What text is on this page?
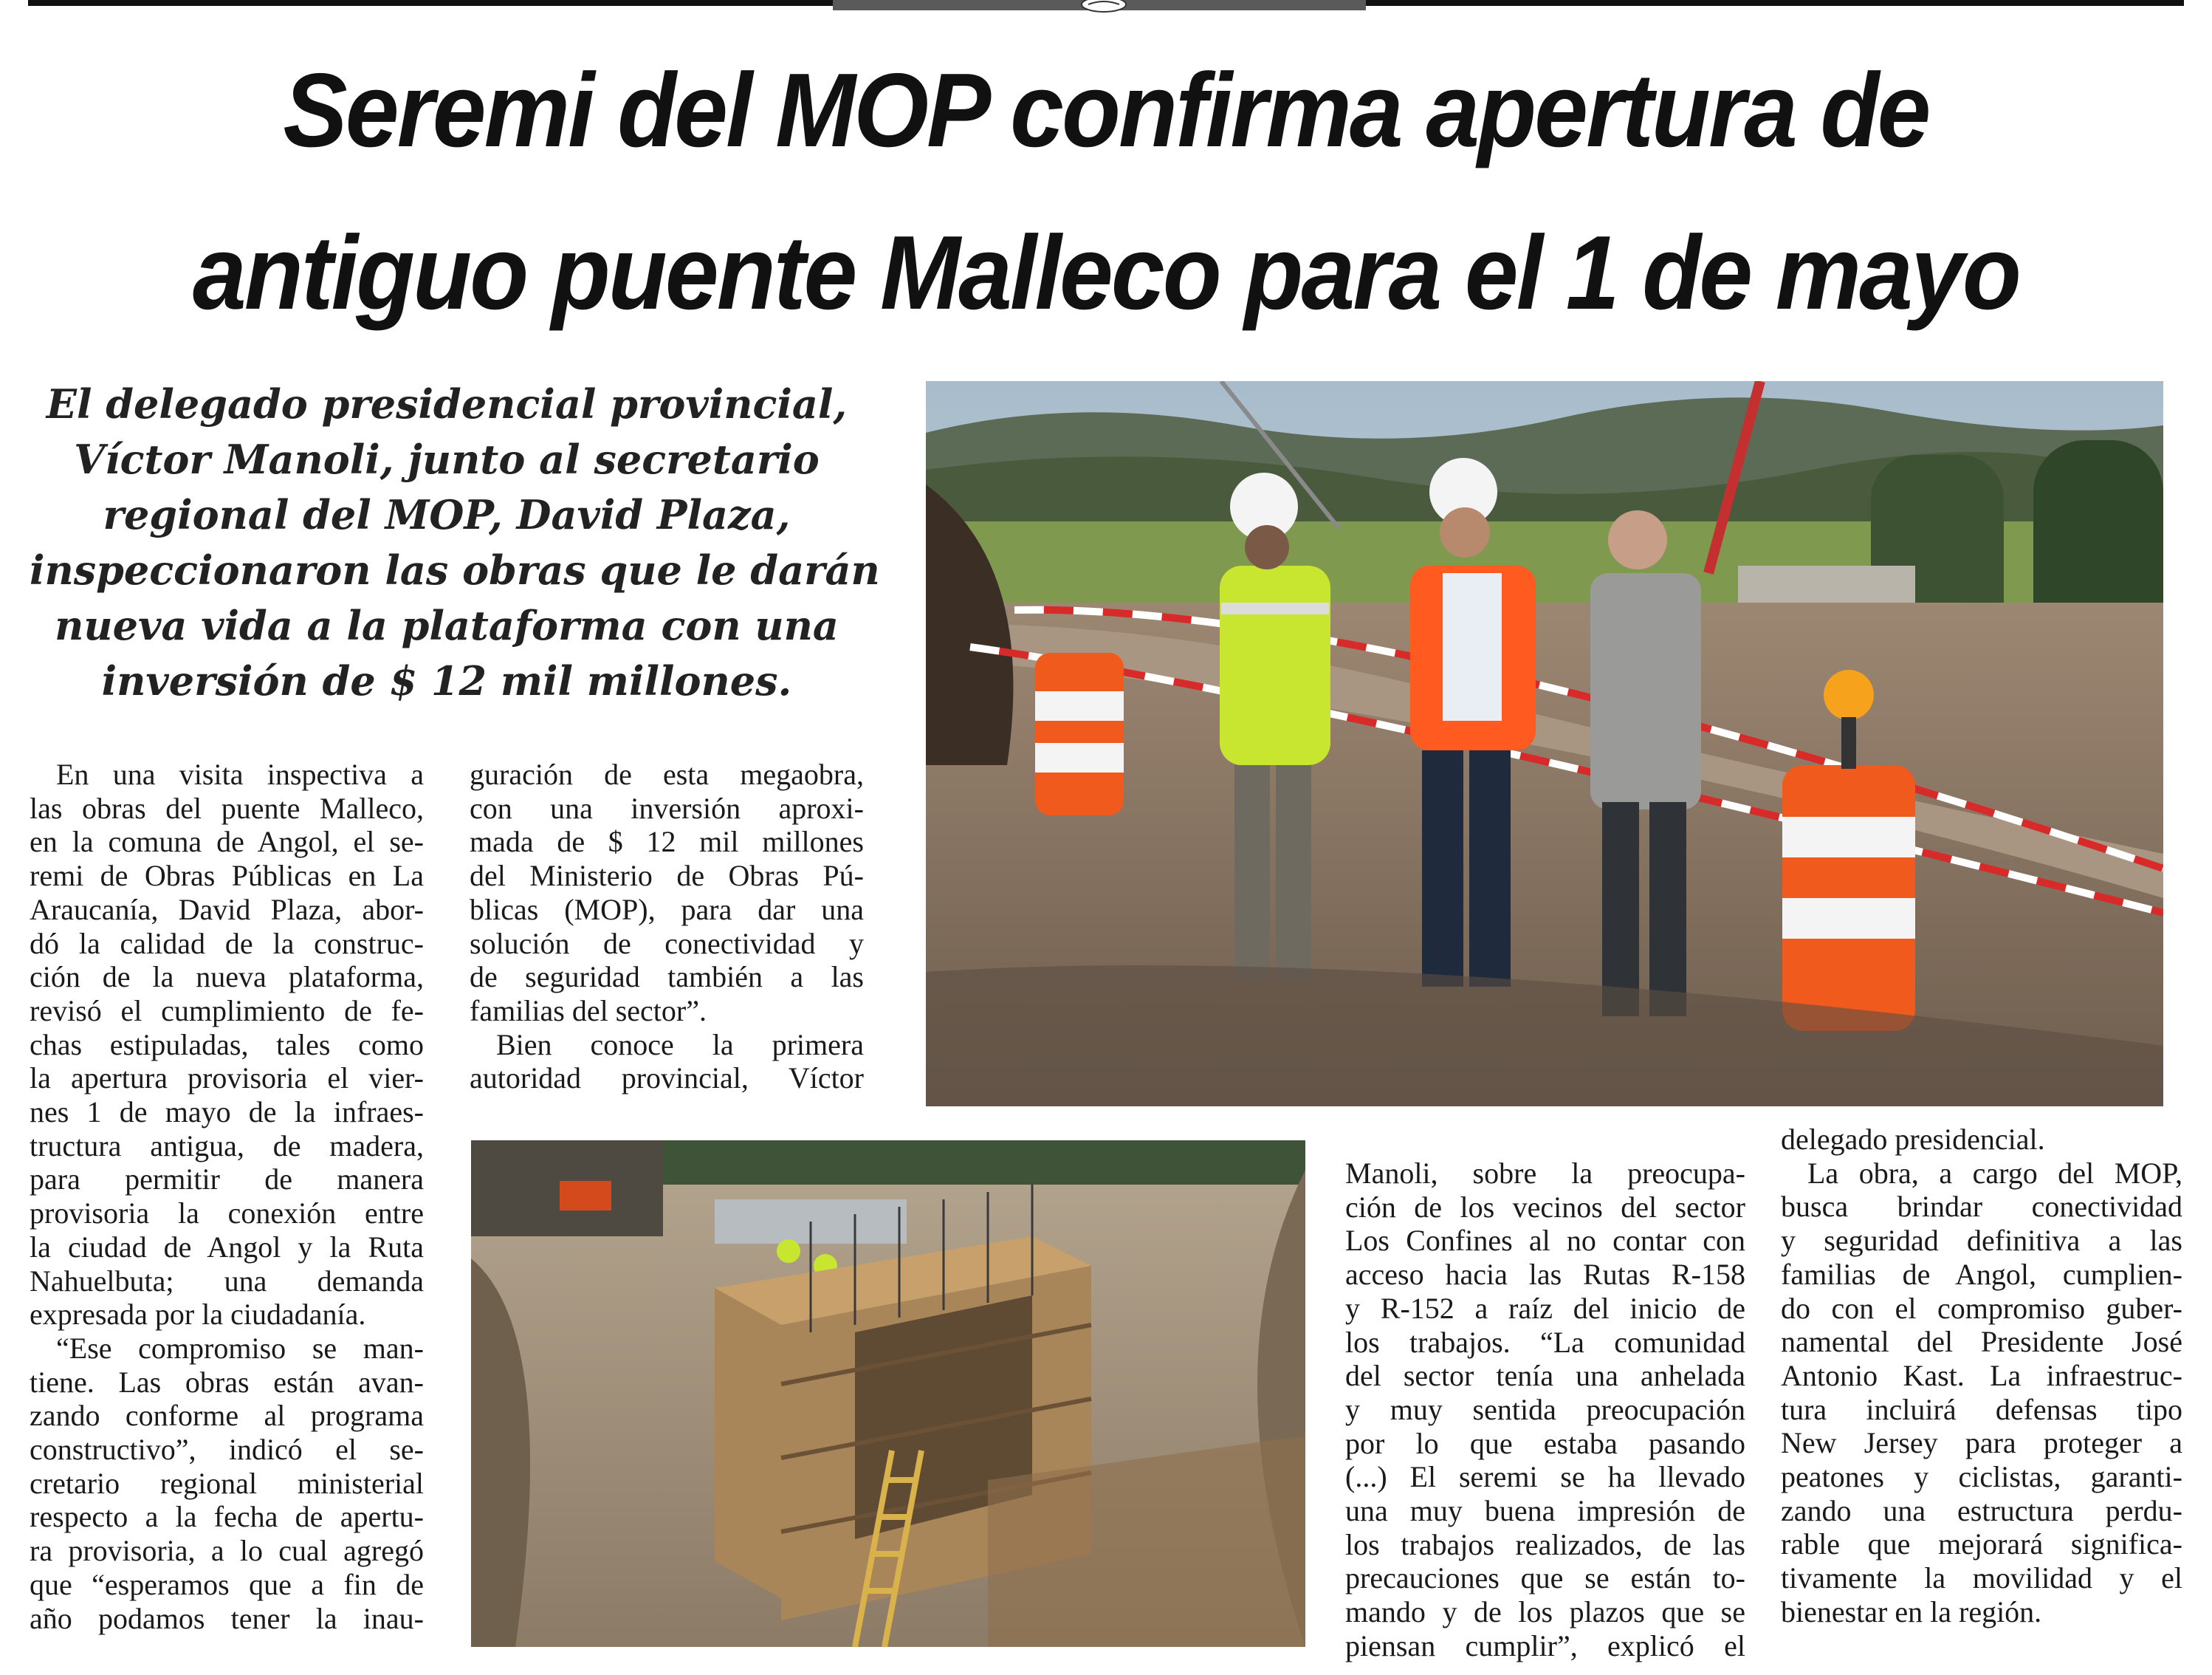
Seremi del MOP confirma apertura de
antiguo puente Malleco para el 1 de mayo
El delegado presidencial provincial,
Víctor Manoli, junto al secretario
regional del MOP, David Plaza,
inspeccionaron las obras que le darán
nueva vida a la plataforma con una
inversión de $ 12 mil millones.
En una visita inspectiva a
las obras del puente Malleco,
en la comuna de Angol, el se-
remi de Obras Públicas en La
Araucanía, David Plaza, abor-
dó la calidad de la construc-
ción de la nueva plataforma,
revisó el cumplimiento de fe-
chas estipuladas, tales como
la apertura provisoria el vier-
nes 1 de mayo de la infraes-
tructura antigua, de madera,
para permitir de manera
provisoria la conexión entre
la ciudad de Angol y la Ruta
Nahuelbuta; una demanda
expresada por la ciudadanía.
“Ese compromiso se man-
tiene. Las obras están avan-
zando conforme al programa
constructivo”, indicó el se-
cretario regional ministerial
respecto a la fecha de apertu-
ra provisoria, a lo cual agregó
que “esperamos que a fin de
año podamos tener la inau-
guración de esta megaobra,
con una inversión aproxi-
mada de $ 12 mil millones
del Ministerio de Obras Pú-
blicas (MOP), para dar una
solución de conectividad y
de seguridad también a las
familias del sector”.
Bien conoce la primera
autoridad provincial, Víctor
Manoli, sobre la preocupa-
ción de los vecinos del sector
Los Confines al no contar con
acceso hacia las Rutas R-158
y R-152 a raíz del inicio de
los trabajos. “La comunidad
del sector tenía una anhelada
y muy sentida preocupación
por lo que estaba pasando
(...) El seremi se ha llevado
una muy buena impresión de
los trabajos realizados, de las
precauciones que se están to-
mando y de los plazos que se
piensan cumplir”, explicó el
delegado presidencial.
La obra, a cargo del MOP,
busca brindar conectividad
y seguridad definitiva a las
familias de Angol, cumplien-
do con el compromiso guber-
namental del Presidente José
Antonio Kast. La infraestruc-
tura incluirá defensas tipo
New Jersey para proteger a
peatones y ciclistas, garanti-
zando una estructura perdu-
rable que mejorará significa-
tivamente la movilidad y el
bienestar en la región.
